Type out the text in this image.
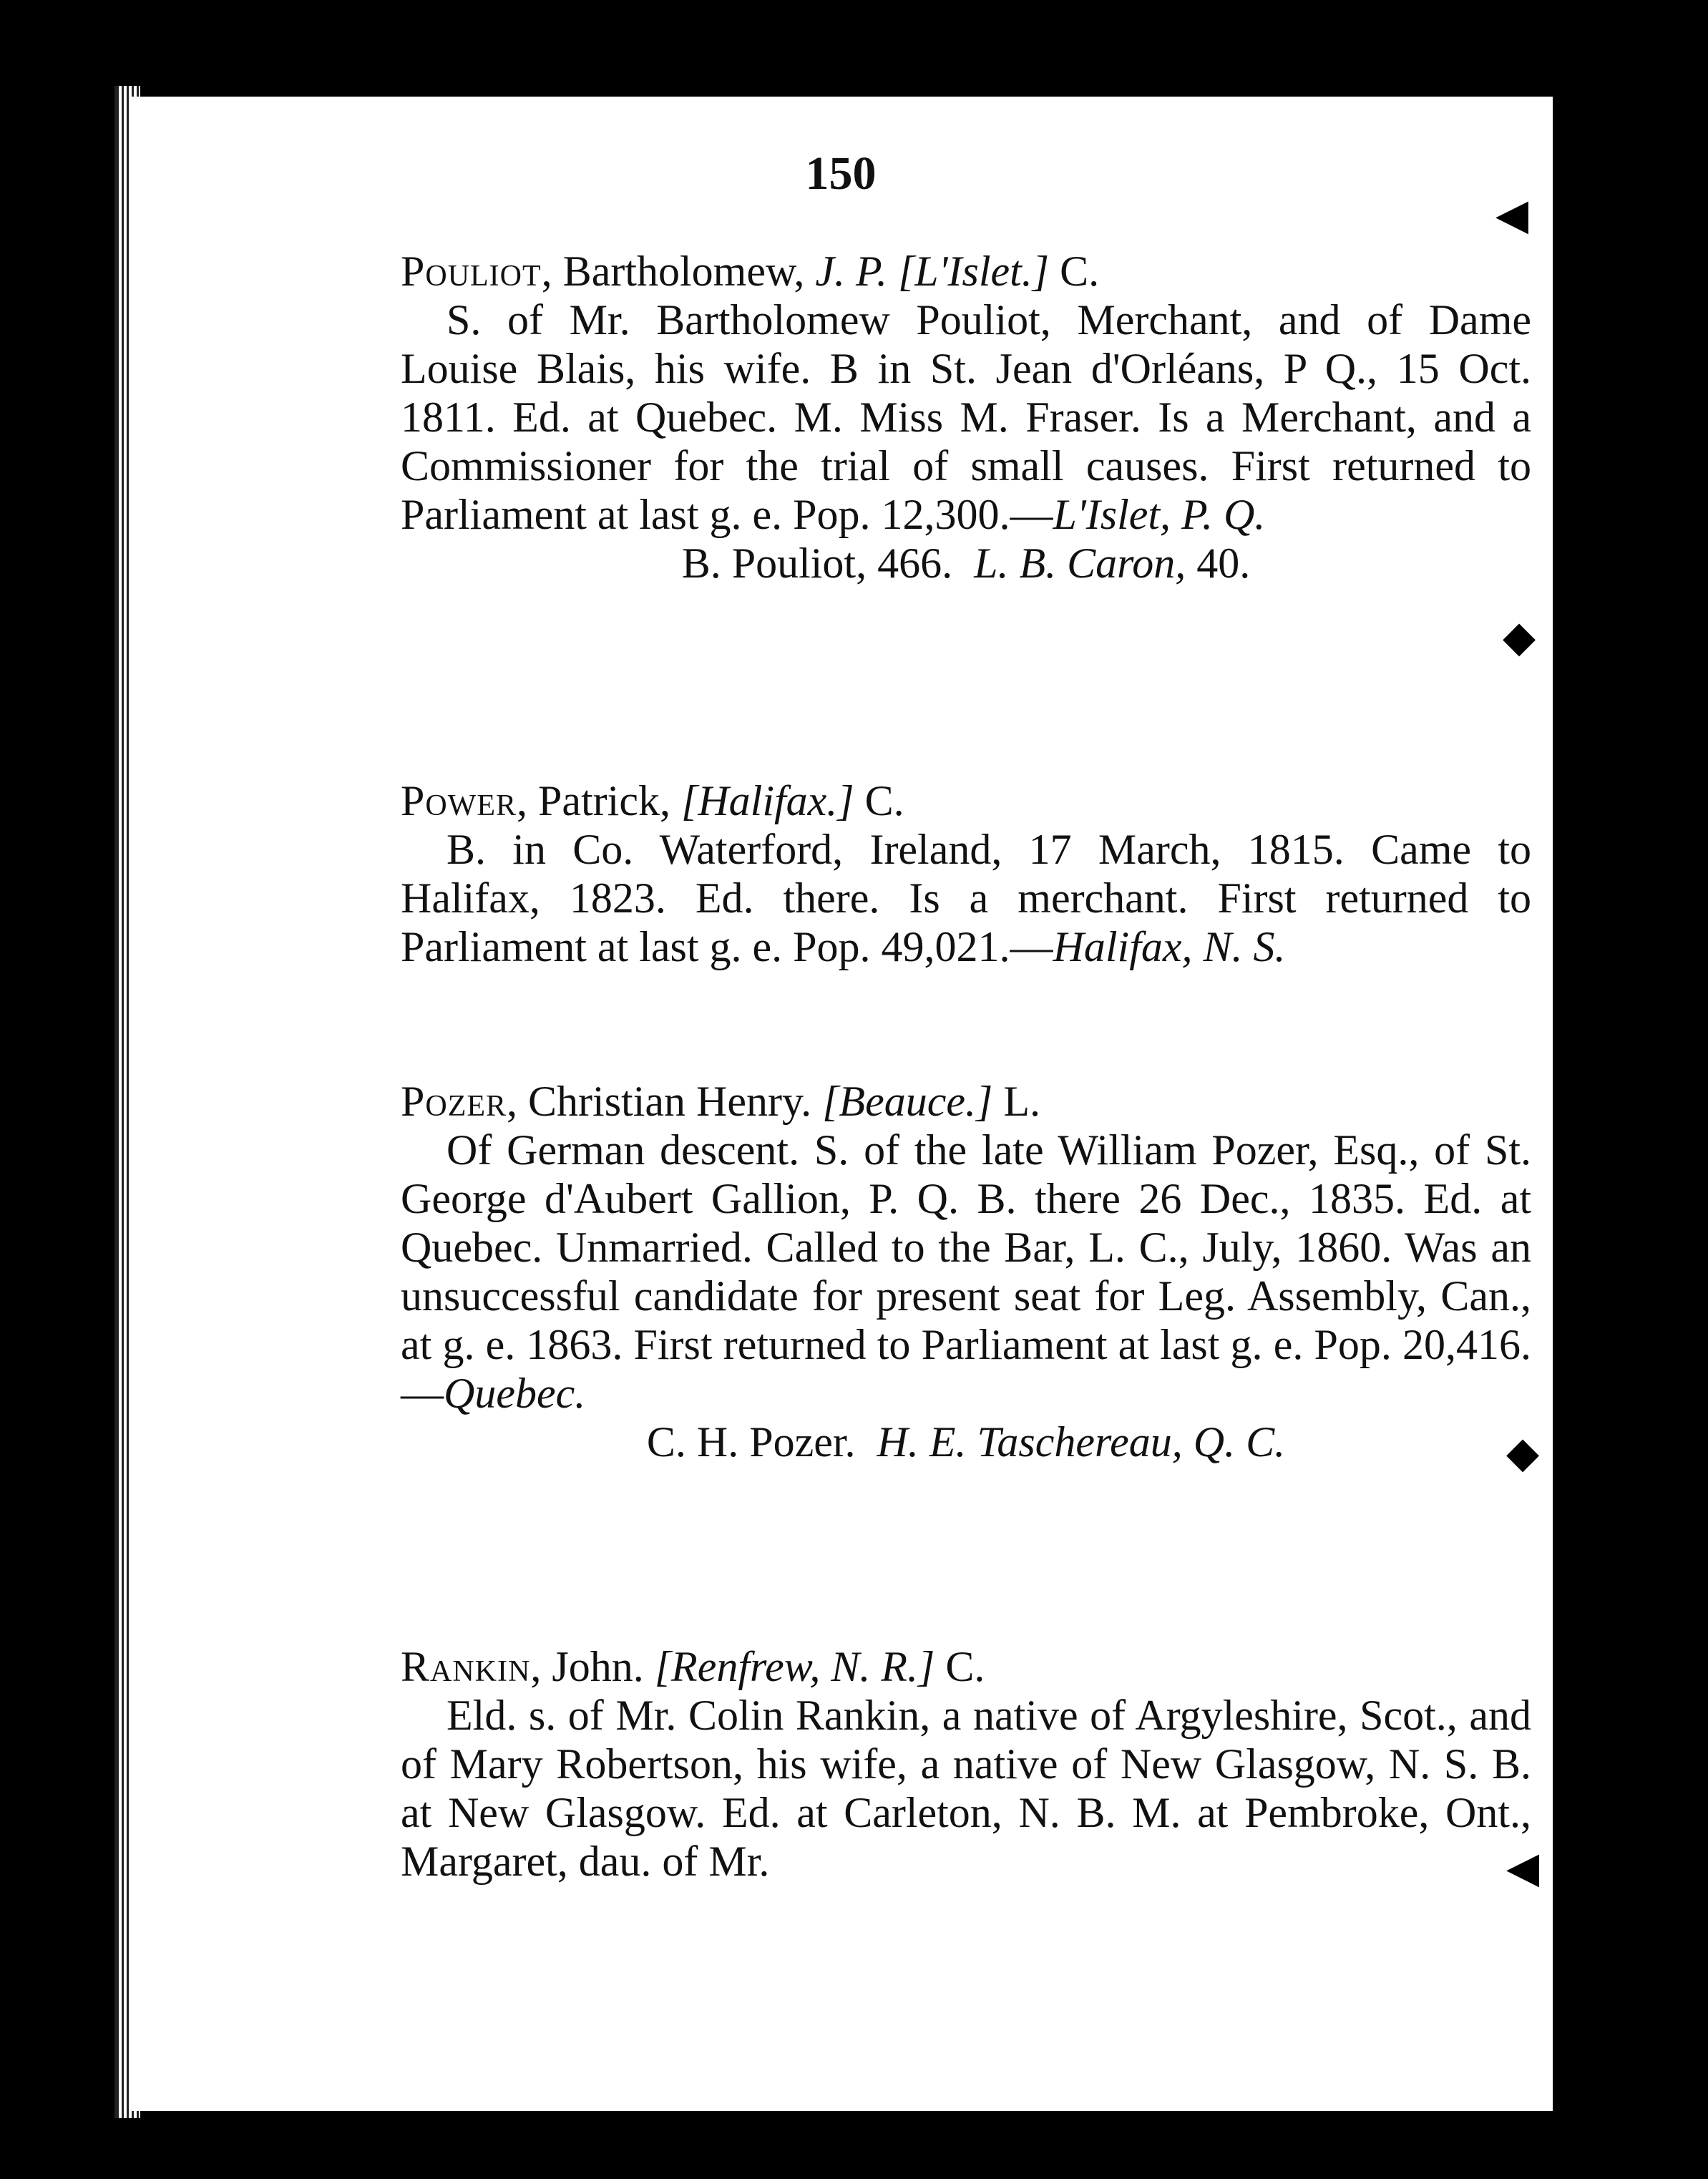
150

Pouliot, Bartholomew, J. P. [L'Islet.] C.

S. of Mr. Bartholomew Pouliot, Merchant, and of Dame Louise Blais, his wife. B in St. Jean d'Orléans, P Q., 15 Oct. 1811. Ed. at Quebec. M. Miss M. Fraser. Is a Merchant, and a Commissioner for the trial of small causes. First returned to Parliament at last g. e. Pop. 12,300.—L'Islet, P. Q.

B. Pouliot, 466. L. B. Caron, 40.

Power, Patrick, [Halifax.] C.

B. in Co. Waterford, Ireland, 17 March, 1815. Came to Halifax, 1823. Ed. there. Is a merchant. First returned to Parliament at last g. e. Pop. 49,021.—Halifax, N. S.

Pozer, Christian Henry. [Beauce.] L.

Of German descent. S. of the late William Pozer, Esq., of St. George d'Aubert Gallion, P. Q. B. there 26 Dec., 1835. Ed. at Quebec. Unmarried. Called to the Bar, L. C., July, 1860. Was an unsuccessful candidate for present seat for Leg. Assembly, Can., at g. e. 1863. First returned to Parliament at last g. e. Pop. 20,416.—Quebec.

C. H. Pozer. H. E. Taschereau, Q. C.

Rankin, John. [Renfrew, N. R.] C.

Eld. s. of Mr. Colin Rankin, a native of Argyleshire, Scot., and of Mary Robertson, his wife, a native of New Glasgow, N. S. B. at New Glasgow. Ed. at Carleton, N. B. M. at Pembroke, Ont., Margaret, dau. of Mr.

◀
◆
◆
◀
